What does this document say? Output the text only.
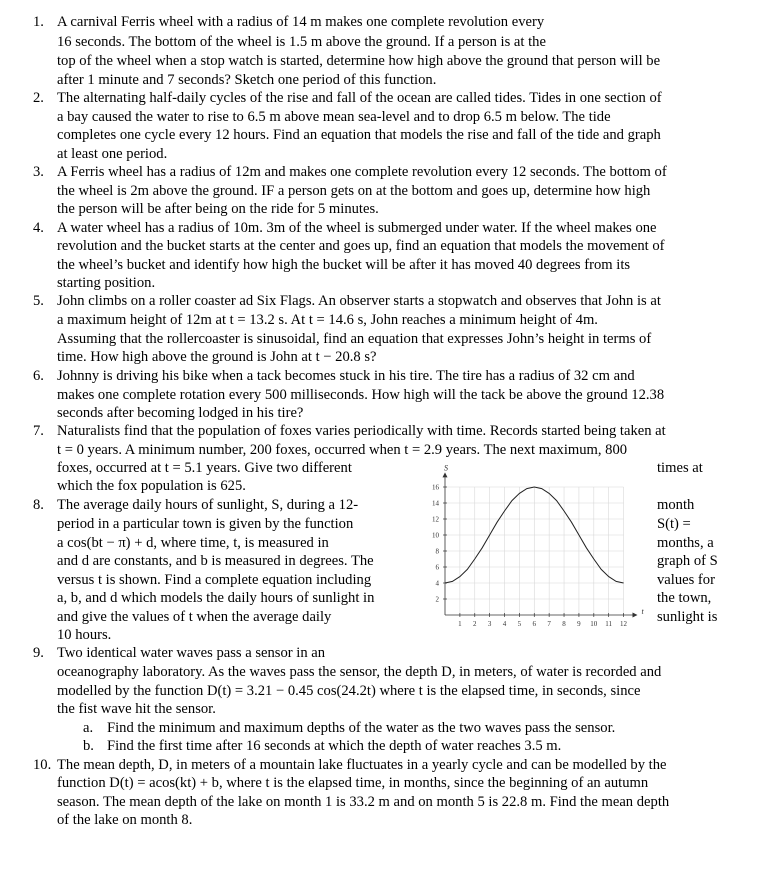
1. A carnival Ferris wheel with a radius of 14 m makes one complete revolution every
16 seconds. The bottom of the wheel is 1.5 m above the ground. If a person is at the
top of the wheel when a stop watch is started, determine how high above the ground that person will be
after 1 minute and 7 seconds? Sketch one period of this function.
2. The alternating half-daily cycles of the rise and fall of the ocean are called tides. Tides in one section of
a bay caused the water to rise to 6.5 m above mean sea-level and to drop 6.5 m below. The tide
completes one cycle every 12 hours. Find an equation that models the rise and fall of the tide and graph
at least one period.
3. A Ferris wheel has a radius of 12m and makes one complete revolution every 12 seconds. The bottom of
the wheel is 2m above the ground. IF a person gets on at the bottom and goes up, determine how high
the person will be after being on the ride for 5 minutes.
4. A water wheel has a radius of 10m. 3m of the wheel is submerged under water. If the wheel makes one
revolution and the bucket starts at the center and goes up, find an equation that models the movement of
the wheel’s bucket and identify how high the bucket will be after it has moved 40 degrees from its
starting position.
5. John climbs on a roller coaster ad Six Flags. An observer starts a stopwatch and observes that John is at
a maximum height of 12m at t = 13.2 s. At t = 14.6 s, John reaches a minimum height of 4m.
Assuming that the rollercoaster is sinusoidal, find an equation that expresses John’s height in terms of
time. How high above the ground is John at t − 20.8 s?
6. Johnny is driving his bike when a tack becomes stuck in his tire. The tire has a radius of 32 cm and
makes one complete rotation every 500 milliseconds. How high will the tack be above the ground 12.38
seconds after becoming lodged in his tire?
7. Naturalists find that the population of foxes varies periodically with time. Records started being taken at
t = 0 years. A minimum number, 200 foxes, occurred when t = 2.9 years. The next maximum, 800
foxes, occurred at t = 5.1 years. Give two different
which the fox population is 625.
8. The average daily hours of sunlight, S, during a 12-
period in a particular town is given by the function
a cos(bt − π) + d, where time, t, is measured in
and d are constants, and b is measured in degrees. The
versus t is shown. Find a complete equation including
a, b, and d which models the daily hours of sunlight in
and give the values of t when the average daily
10 hours.
times at
month
S(t) =
months, a
graph of S
values for
the town,
sunlight is
1 2 3 4 5 6 7 8 9 10 11 12
2
4
6
8
10
12
14
16
S
t
9. Two identical water waves pass a sensor in an
oceanography laboratory. As the waves pass the sensor, the depth D, in meters, of water is recorded and
modelled by the function D(t) = 3.21 − 0.45 cos(24.2t) where t is the elapsed time, in seconds, since
the fist wave hit the sensor.
a. Find the minimum and maximum depths of the water as the two waves pass the sensor.
b. Find the first time after 16 seconds at which the depth of water reaches 3.5 m.
10. The mean depth, D, in meters of a mountain lake fluctuates in a yearly cycle and can be modelled by the
function D(t) = acos(kt) + b, where t is the elapsed time, in months, since the beginning of an autumn
season. The mean depth of the lake on month 1 is 33.2 m and on month 5 is 22.8 m. Find the mean depth
of the lake on month 8.
